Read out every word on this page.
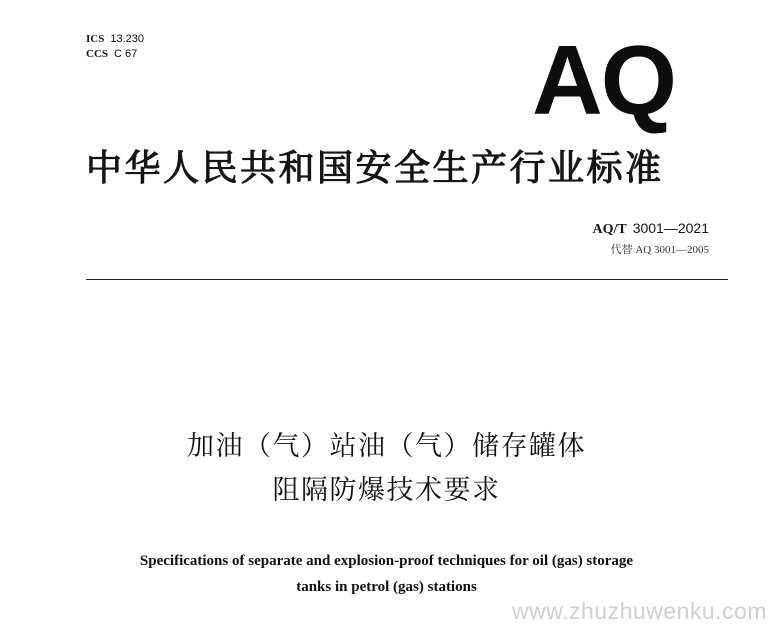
ICS 13.230
CCS C 67	AQ
中华人民共和国安全生产行业标准
AQ/T 3001—2021
代替 AQ 3001—2005
加油（气）站油（气）储存罐体
阻隔防爆技术要求
Specifications of separate and explosion-proof techniques for oil (gas) storage
tanks in petrol (gas) stations
www.zhuzhuwenku.com
